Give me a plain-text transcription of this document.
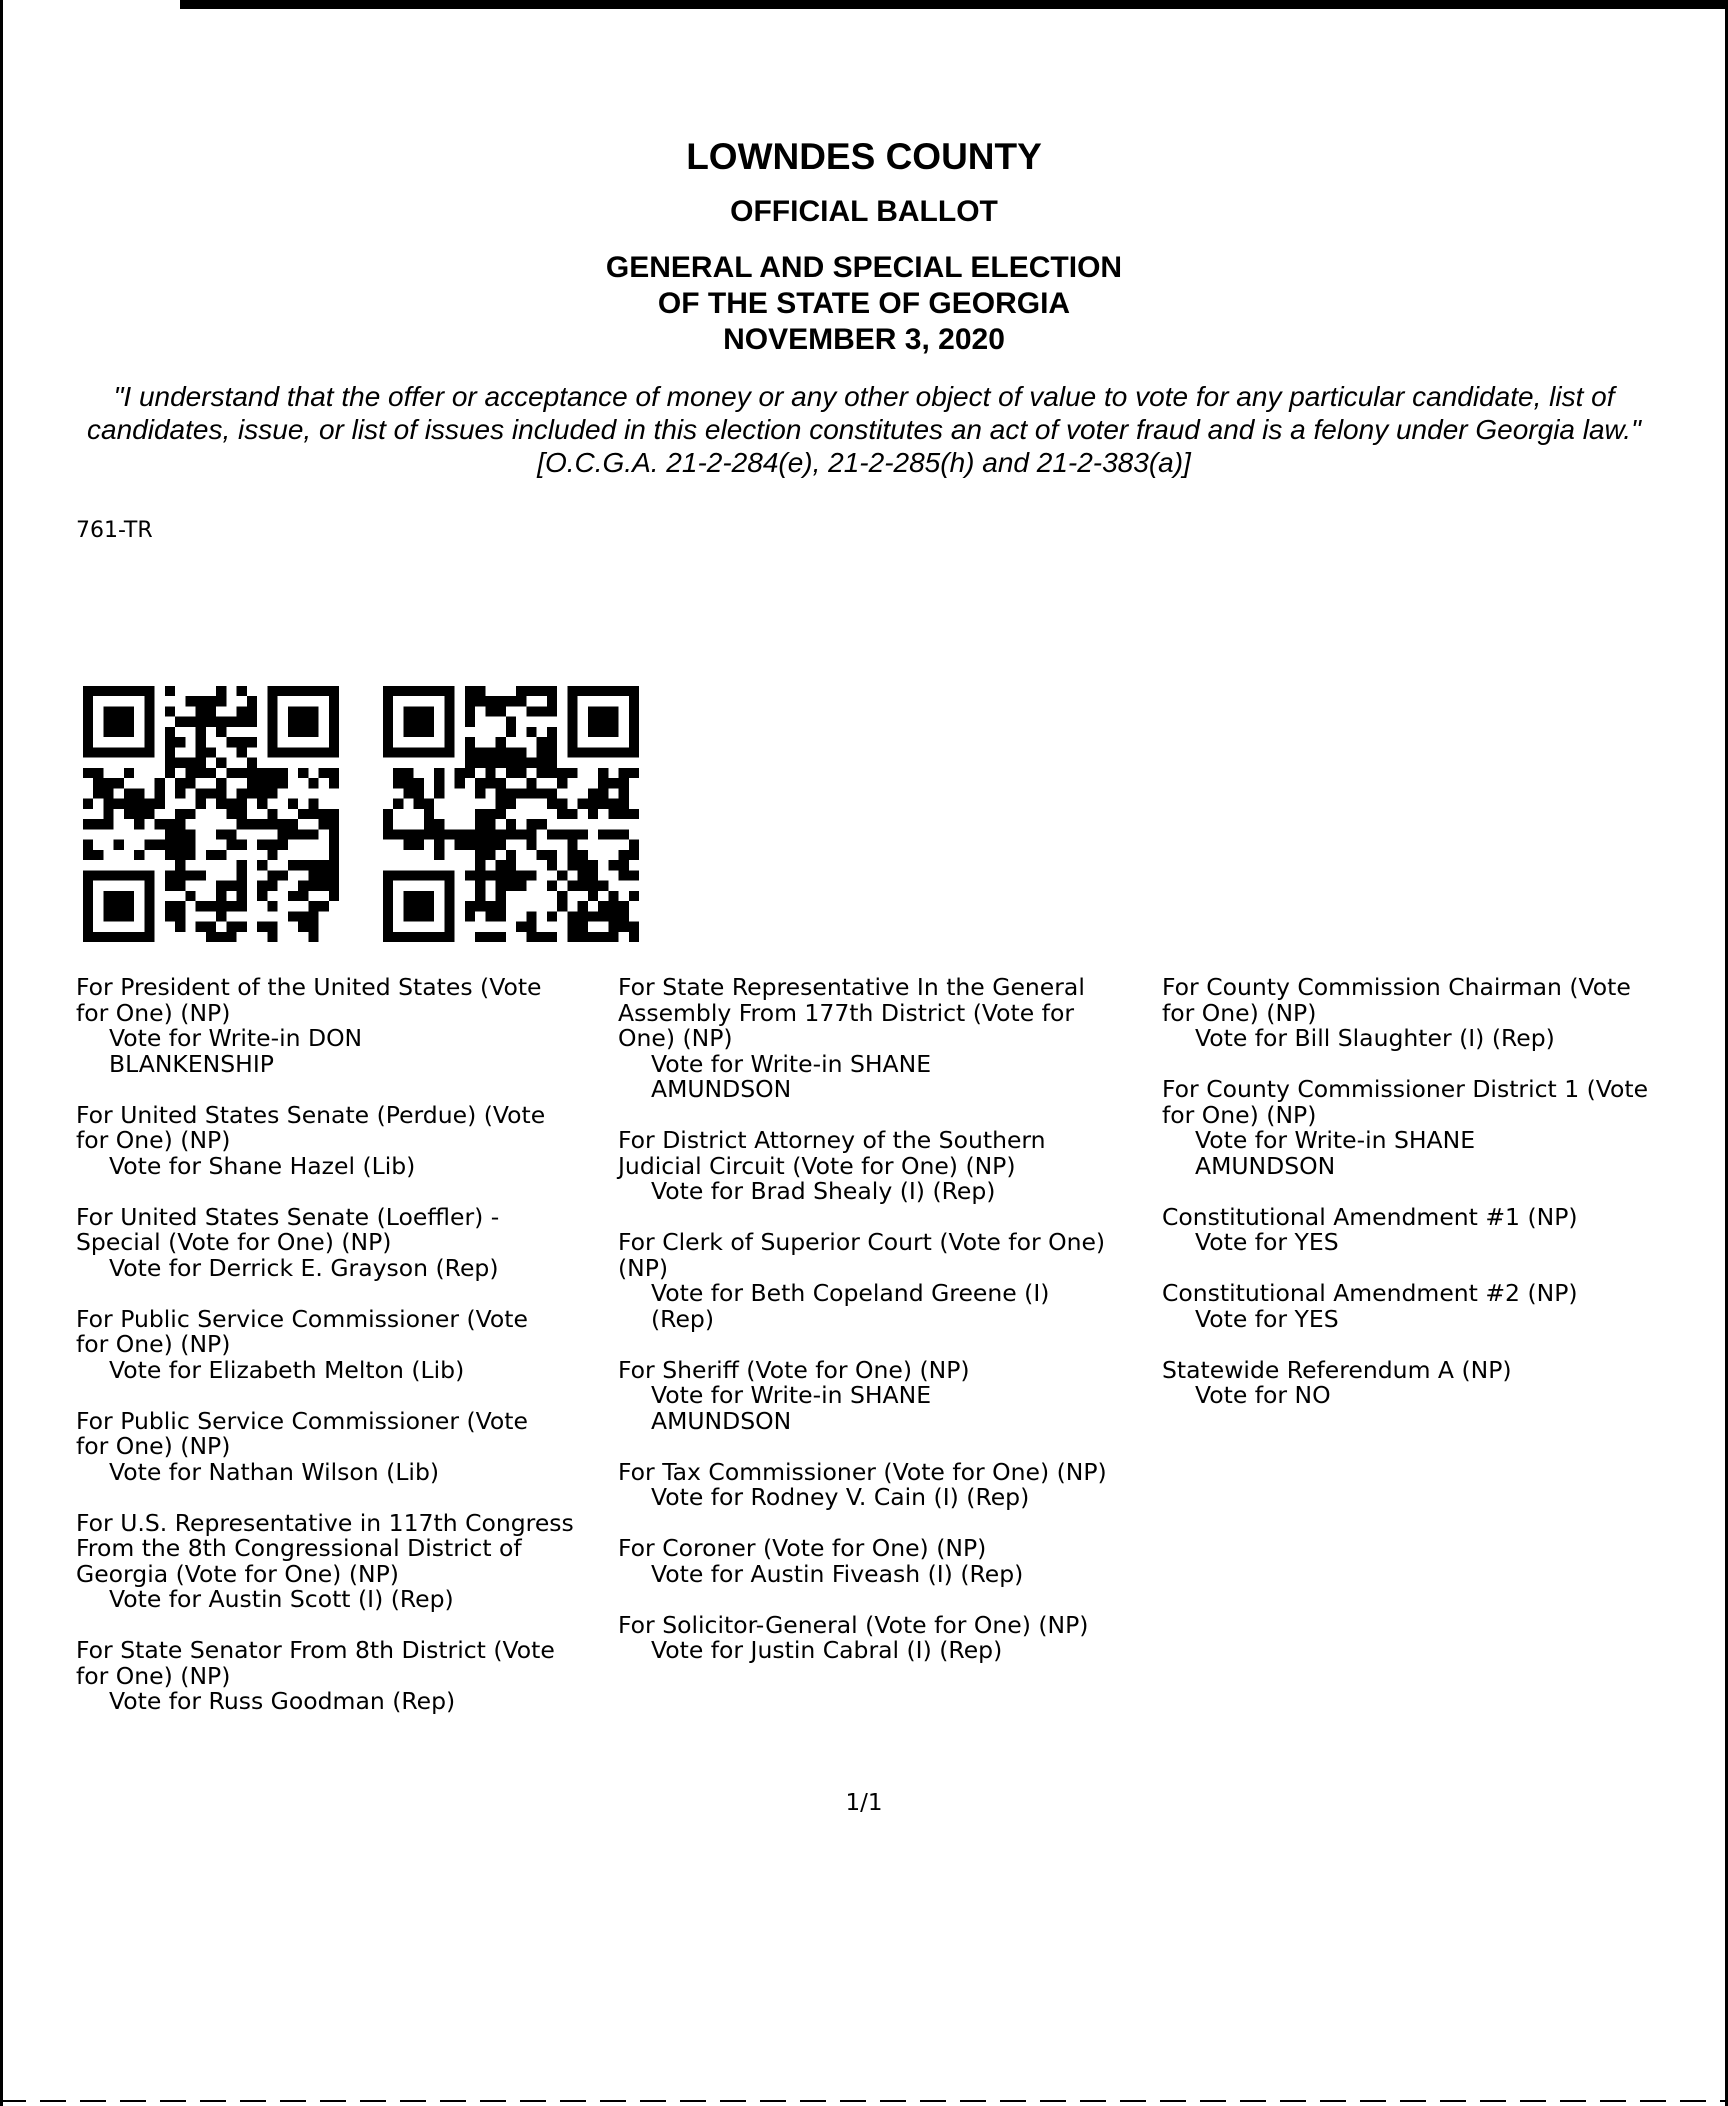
LOWNDES COUNTY
OFFICIAL BALLOT
GENERAL AND SPECIAL ELECTION
OF THE STATE OF GEORGIA
NOVEMBER 3, 2020
"I understand that the offer or acceptance of money or any other object of value to vote for any particular candidate, list of candidates, issue, or list of issues included in this election constitutes an act of voter fraud and is a felony under Georgia law." [O.C.G.A. 21-2-284(e), 21-2-285(h) and 21-2-383(a)]
761-TR
For President of the United States (Vote
for One) (NP)
Vote for Write-in DON
BLANKENSHIP
For United States Senate (Perdue) (Vote
for One) (NP)
Vote for Shane Hazel (Lib)
For United States Senate (Loeffler) -
Special (Vote for One) (NP)
Vote for Derrick E. Grayson (Rep)
For Public Service Commissioner (Vote
for One) (NP)
Vote for Elizabeth Melton (Lib)
For Public Service Commissioner (Vote
for One) (NP)
Vote for Nathan Wilson (Lib)
For U.S. Representative in 117th Congress
From the 8th Congressional District of
Georgia (Vote for One) (NP)
Vote for Austin Scott (I) (Rep)
For State Senator From 8th District (Vote
for One) (NP)
Vote for Russ Goodman (Rep)
For State Representative In the General
Assembly From 177th District (Vote for
One) (NP)
Vote for Write-in SHANE
AMUNDSON
For District Attorney of the Southern
Judicial Circuit (Vote for One) (NP)
Vote for Brad Shealy (I) (Rep)
For Clerk of Superior Court (Vote for One)
(NP)
Vote for Beth Copeland Greene (I)
(Rep)
For Sheriff (Vote for One) (NP)
Vote for Write-in SHANE
AMUNDSON
For Tax Commissioner (Vote for One) (NP)
Vote for Rodney V. Cain (I) (Rep)
For Coroner (Vote for One) (NP)
Vote for Austin Fiveash (I) (Rep)
For Solicitor-General (Vote for One) (NP)
Vote for Justin Cabral (I) (Rep)
For County Commission Chairman (Vote
for One) (NP)
Vote for Bill Slaughter (I) (Rep)
For County Commissioner District 1 (Vote
for One) (NP)
Vote for Write-in SHANE
AMUNDSON
Constitutional Amendment #1 (NP)
Vote for YES
Constitutional Amendment #2 (NP)
Vote for YES
Statewide Referendum A (NP)
Vote for NO
1/1
